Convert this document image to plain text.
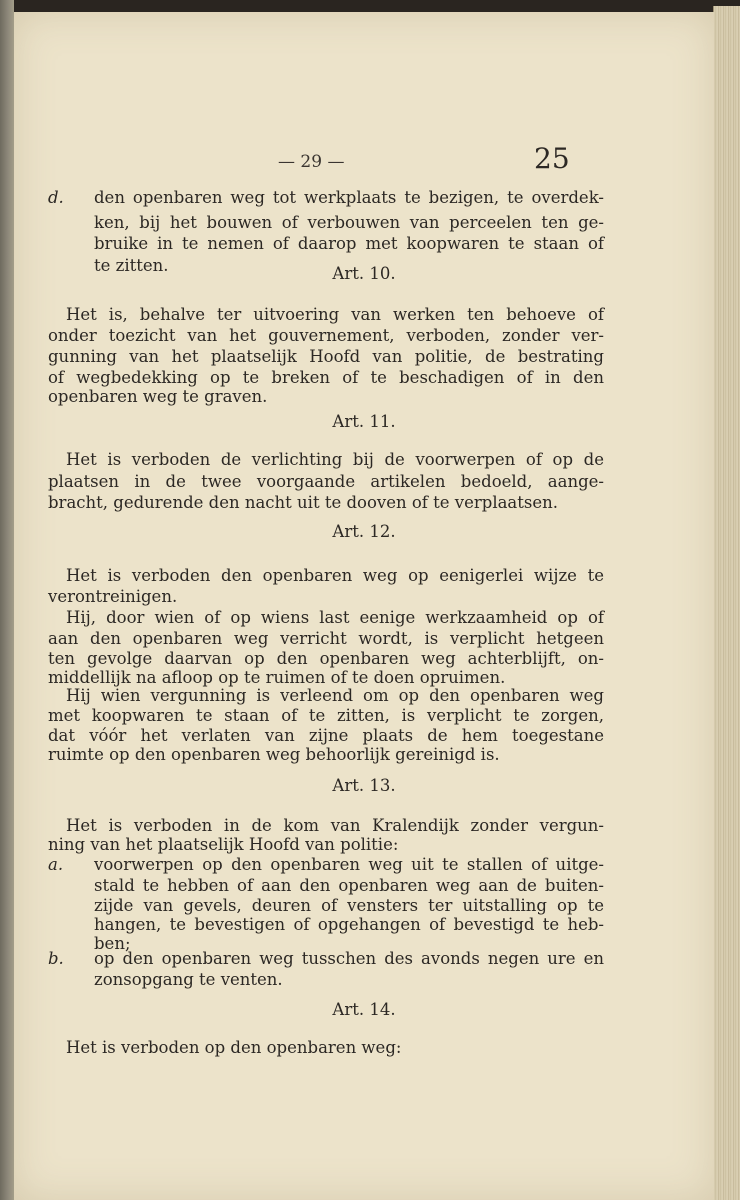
— 29 —	25
d. den openbaren weg tot werkplaats te bezigen, te overdek-
ken, bij het bouwen of verbouwen van perceelen ten ge-
bruike in te nemen of daarop met koopwaren te staan of
te zitten.	Art. 10.
Het is, behalve ter uitvoering van werken ten behoeve of
onder toezicht van het gouvernement, verboden, zonder ver-
gunning van het plaatselijk Hoofd van politie, de bestrating
of wegbedekking op te breken of te beschadigen of in den
openbaren weg te graven.
Art. 11.
Het is verboden de verlichting bij de voorwerpen of op de
plaatsen in de twee voorgaande artikelen bedoeld, aange-
bracht, gedurende den nacht uit te dooven of te verplaatsen.
Art. 12.
Het is verboden den openbaren weg op eenigerlei wijze te
verontreinigen.
Hij, door wien of op wiens last eenige werkzaamheid op of
aan den openbaren weg verricht wordt, is verplicht hetgeen
ten gevolge daarvan op den openbaren weg achterblijft, on-
middellijk na afloop op te ruimen of te doen opruimen.
Hij wien vergunning is verleend om op den openbaren weg
met koopwaren te staan of te zitten, is verplicht te zorgen,
dat vóór het verlaten van zijne plaats de hem toegestane
ruimte op den openbaren weg behoorlijk gereinigd is.
Art. 13.
Het is verboden in de kom van Kralendijk zonder vergun-
ning van het plaatselijk Hoofd van politie:
a. voorwerpen op den openbaren weg uit te stallen of uitge-
stald te hebben of aan den openbaren weg aan de buiten-
zijde van gevels, deuren of vensters ter uitstalling op te
hangen, te bevestigen of opgehangen of bevestigd te heb-
ben;
b. op den openbaren weg tusschen des avonds negen ure en
zonsopgang te venten.
Art. 14.
Het is verboden op den openbaren weg:
